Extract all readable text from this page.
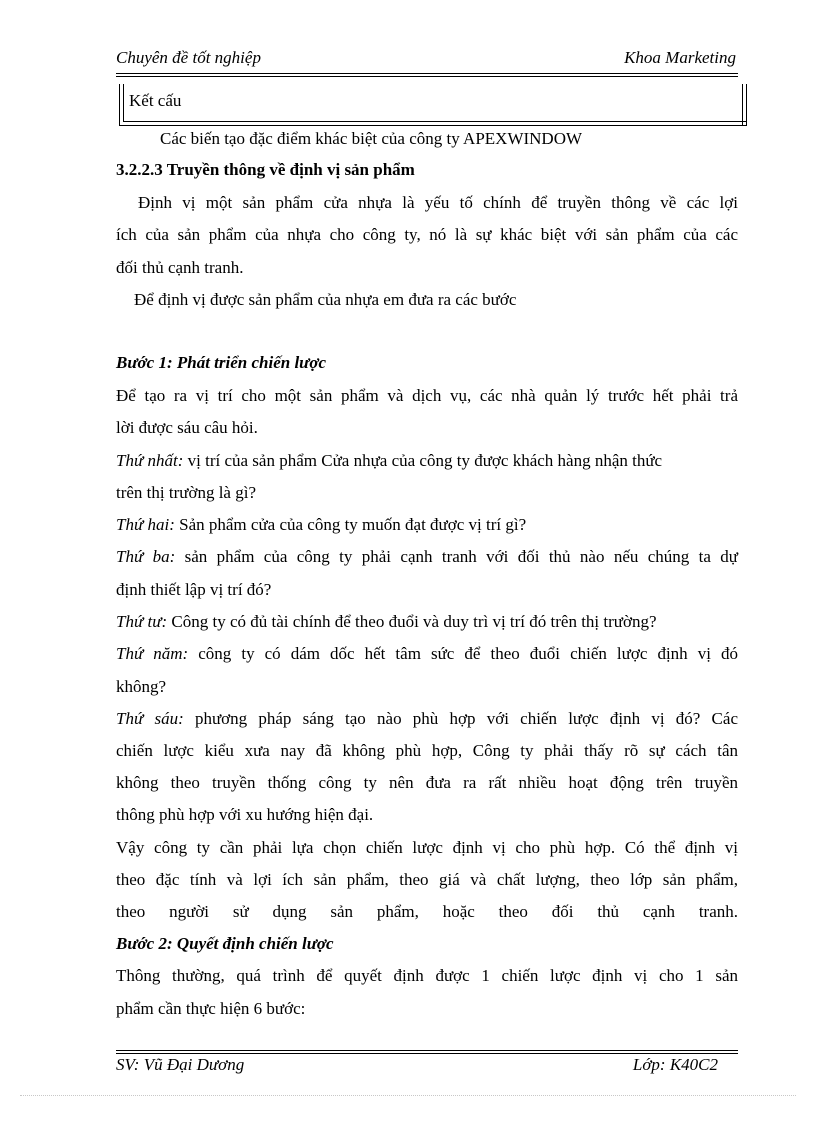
Chuyên đề tốt nghiệp	Khoa Marketing
Kết cấu
Các biến tạo đặc điểm khác biệt của công ty APEXWINDOW
3.2.2.3 Truyền thông về định vị sản phẩm
Định vị một sản phẩm cửa nhựa là yếu tố chính để truyền thông về các lợi
ích của sản phẩm của nhựa cho công ty, nó là sự khác biệt với sản phẩm của các
đối thủ cạnh tranh.
Để định vị được sản phẩm của nhựa em đưa ra các bước
Bước 1: Phát triển chiến lược
Để tạo ra vị trí cho một sản phẩm và dịch vụ, các nhà quản lý trước hết phải trả
lời được sáu câu hỏi.
Thứ nhất: vị trí của sản phẩm Cửa nhựa của công ty được khách hàng nhận thức
trên thị trường là gì?
Thứ hai: Sản phẩm cửa của công ty muốn đạt được vị trí gì?
Thứ ba: sản phẩm của công ty phải cạnh tranh với đối thủ nào nếu chúng ta dự
định thiết lập vị trí đó?
Thứ tư: Công ty có đủ tài chính để theo đuổi và duy trì vị trí đó trên thị trường?
Thứ năm: công ty có dám dốc hết tâm sức để theo đuổi chiến lược định vị đó
không?
Thứ sáu: phương pháp sáng tạo nào phù hợp với chiến lược định vị đó? Các
chiến lược kiểu xưa nay đã không phù hợp, Công ty phải thấy rõ sự cách tân
không theo truyền thống công ty nên đưa ra rất nhiều hoạt động trên truyền
thông phù hợp với xu hướng hiện đại.
Vậy công ty cần phải lựa chọn chiến lược định vị cho phù hợp. Có thể định vị
theo đặc tính và lợi ích sản phẩm, theo giá và chất lượng, theo lớp sản phẩm,
theo người sử dụng sản phẩm, hoặc theo đối thủ cạnh tranh.
Bước 2: Quyết định chiến lược
Thông thường, quá trình để quyết định được 1 chiến lược định vị cho 1 sản
phẩm cần thực hiện 6 bước:
SV: Vũ Đại Dương	Lớp: K40C2
